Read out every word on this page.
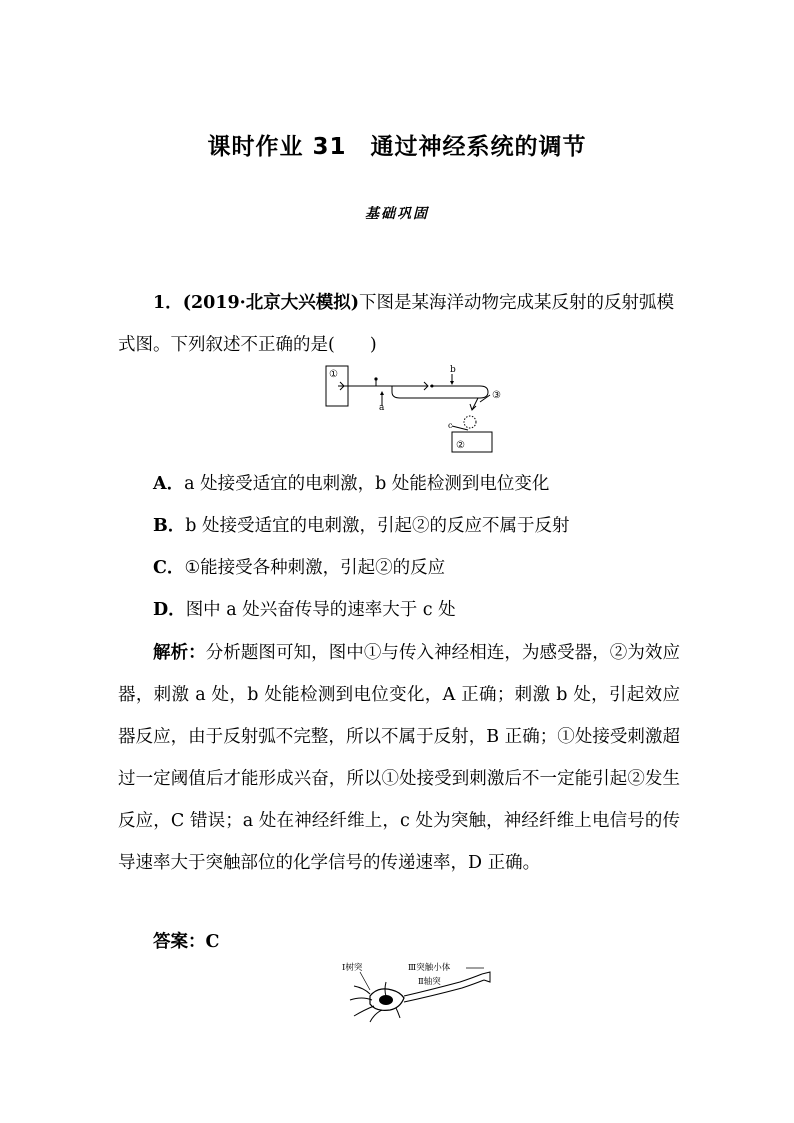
课时作业 31　通过神经系统的调节
基础巩固
1．(2019·北京大兴模拟)下图是某海洋动物完成某反射的反射弧模式图。下列叙述不正确的是(　　)
①
a
b
③
c
②
A．a 处接受适宜的电刺激，b 处能检测到电位变化
B．b 处接受适宜的电刺激，引起②的反应不属于反射
C．①能接受各种刺激，引起②的反应
D．图中 a 处兴奋传导的速率大于 c 处
解析：分析题图可知，图中①与传入神经相连，为感受器，②为效应器，刺激 a 处，b 处能检测到电位变化，A 正确；刺激 b 处，引起效应器反应，由于反射弧不完整，所以不属于反射，B 正确；①处接受刺激超过一定阈值后才能形成兴奋，所以①处接受到刺激后不一定能引起②发生反应，C 错误；a 处在神经纤维上，c 处为突触，神经纤维上电信号的传导速率大于突触部位的化学信号的传递速率，D 正确。
答案：C
Ⅰ树突	Ⅲ突触小体
Ⅱ轴突
